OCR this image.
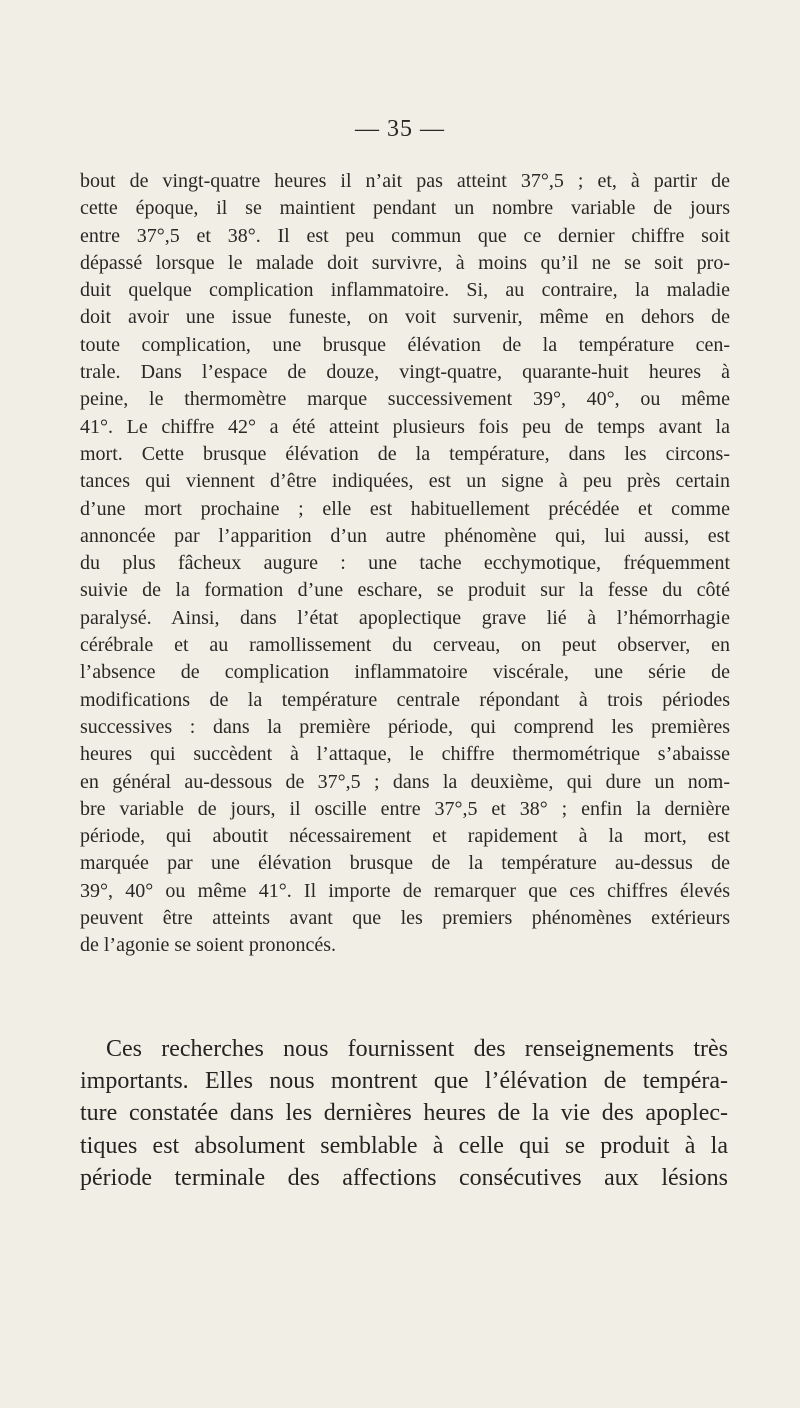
— 35 —
bout de vingt-quatre heures il n’ait pas atteint 37°,5 ; et, à partir de
cette époque, il se maintient pendant un nombre variable de jours
entre 37°,5 et 38°. Il est peu commun que ce dernier chiffre soit
dépassé lorsque le malade doit survivre, à moins qu’il ne se soit pro-
duit quelque complication inflammatoire. Si, au contraire, la maladie
doit avoir une issue funeste, on voit survenir, même en dehors de
toute complication, une brusque élévation de la température cen-
trale. Dans l’espace de douze, vingt-quatre, quarante-huit heures à
peine, le thermomètre marque successivement 39°, 40°, ou même
41°. Le chiffre 42° a été atteint plusieurs fois peu de temps avant la
mort. Cette brusque élévation de la température, dans les circons-
tances qui viennent d’être indiquées, est un signe à peu près certain
d’une mort prochaine ; elle est habituellement précédée et comme
annoncée par l’apparition d’un autre phénomène qui, lui aussi, est
du plus fâcheux augure : une tache ecchymotique, fréquemment
suivie de la formation d’une eschare, se produit sur la fesse du côté
paralysé. Ainsi, dans l’état apoplectique grave lié à l’hémorrhagie
cérébrale et au ramollissement du cerveau, on peut observer, en
l’absence de complication inflammatoire viscérale, une série de
modifications de la température centrale répondant à trois périodes
successives : dans la première période, qui comprend les premières
heures qui succèdent à l’attaque, le chiffre thermométrique s’abaisse
en général au-dessous de 37°,5 ; dans la deuxième, qui dure un nom-
bre variable de jours, il oscille entre 37°,5 et 38° ; enfin la dernière
période, qui aboutit nécessairement et rapidement à la mort, est
marquée par une élévation brusque de la température au-dessus de
39°, 40° ou même 41°. Il importe de remarquer que ces chiffres élevés
peuvent être atteints avant que les premiers phénomènes extérieurs
de l’agonie se soient prononcés.
Ces recherches nous fournissent des renseignements très
importants. Elles nous montrent que l’élévation de tempéra-
ture constatée dans les dernières heures de la vie des apoplec-
tiques est absolument semblable à celle qui se produit à la
période terminale des affections consécutives aux lésions
